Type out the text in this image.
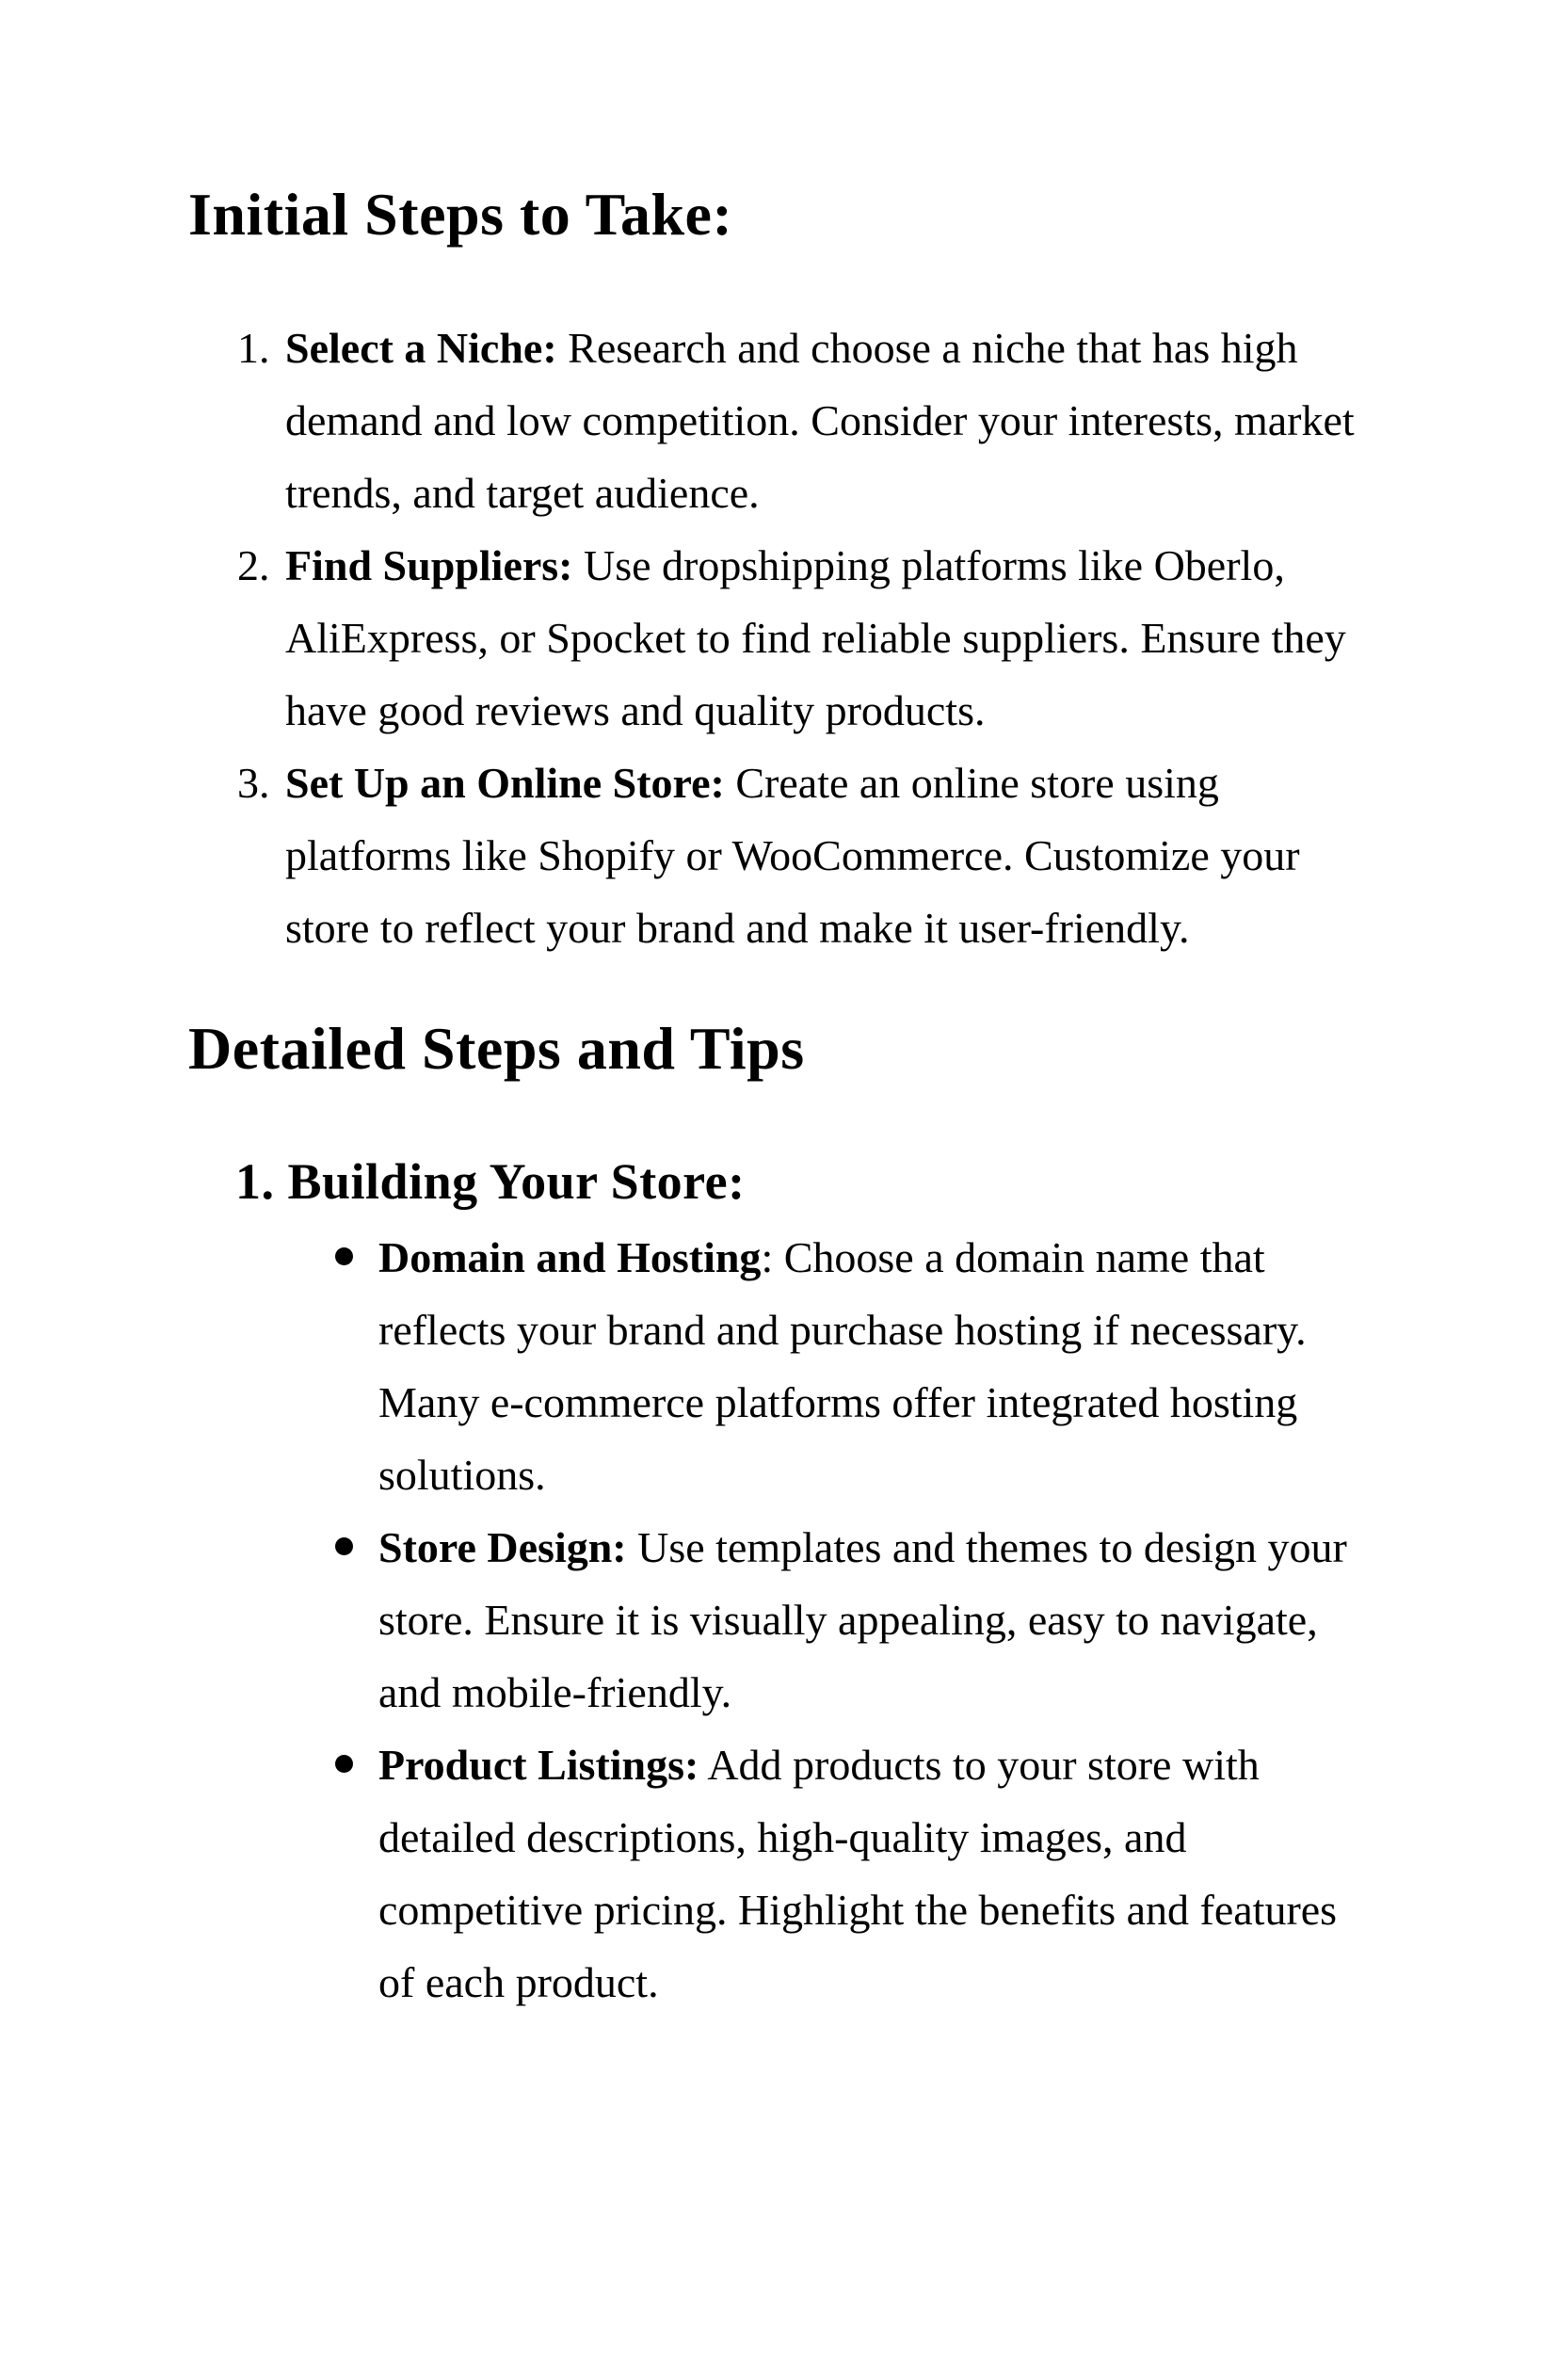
Initial Steps to Take:
1. Select a Niche: Research and choose a niche that has high demand and low competition. Consider your interests, market trends, and target audience.
2. Find Suppliers: Use dropshipping platforms like Oberlo, AliExpress, or Spocket to find reliable suppliers. Ensure they have good reviews and quality products.
3. Set Up an Online Store: Create an online store using platforms like Shopify or WooCommerce. Customize your store to reflect your brand and make it user-friendly.
Detailed Steps and Tips
1. Building Your Store:
Domain and Hosting: Choose a domain name that reflects your brand and purchase hosting if necessary. Many e-commerce platforms offer integrated hosting solutions.
Store Design: Use templates and themes to design your store. Ensure it is visually appealing, easy to navigate, and mobile-friendly.
Product Listings: Add products to your store with detailed descriptions, high-quality images, and competitive pricing. Highlight the benefits and features of each product.
